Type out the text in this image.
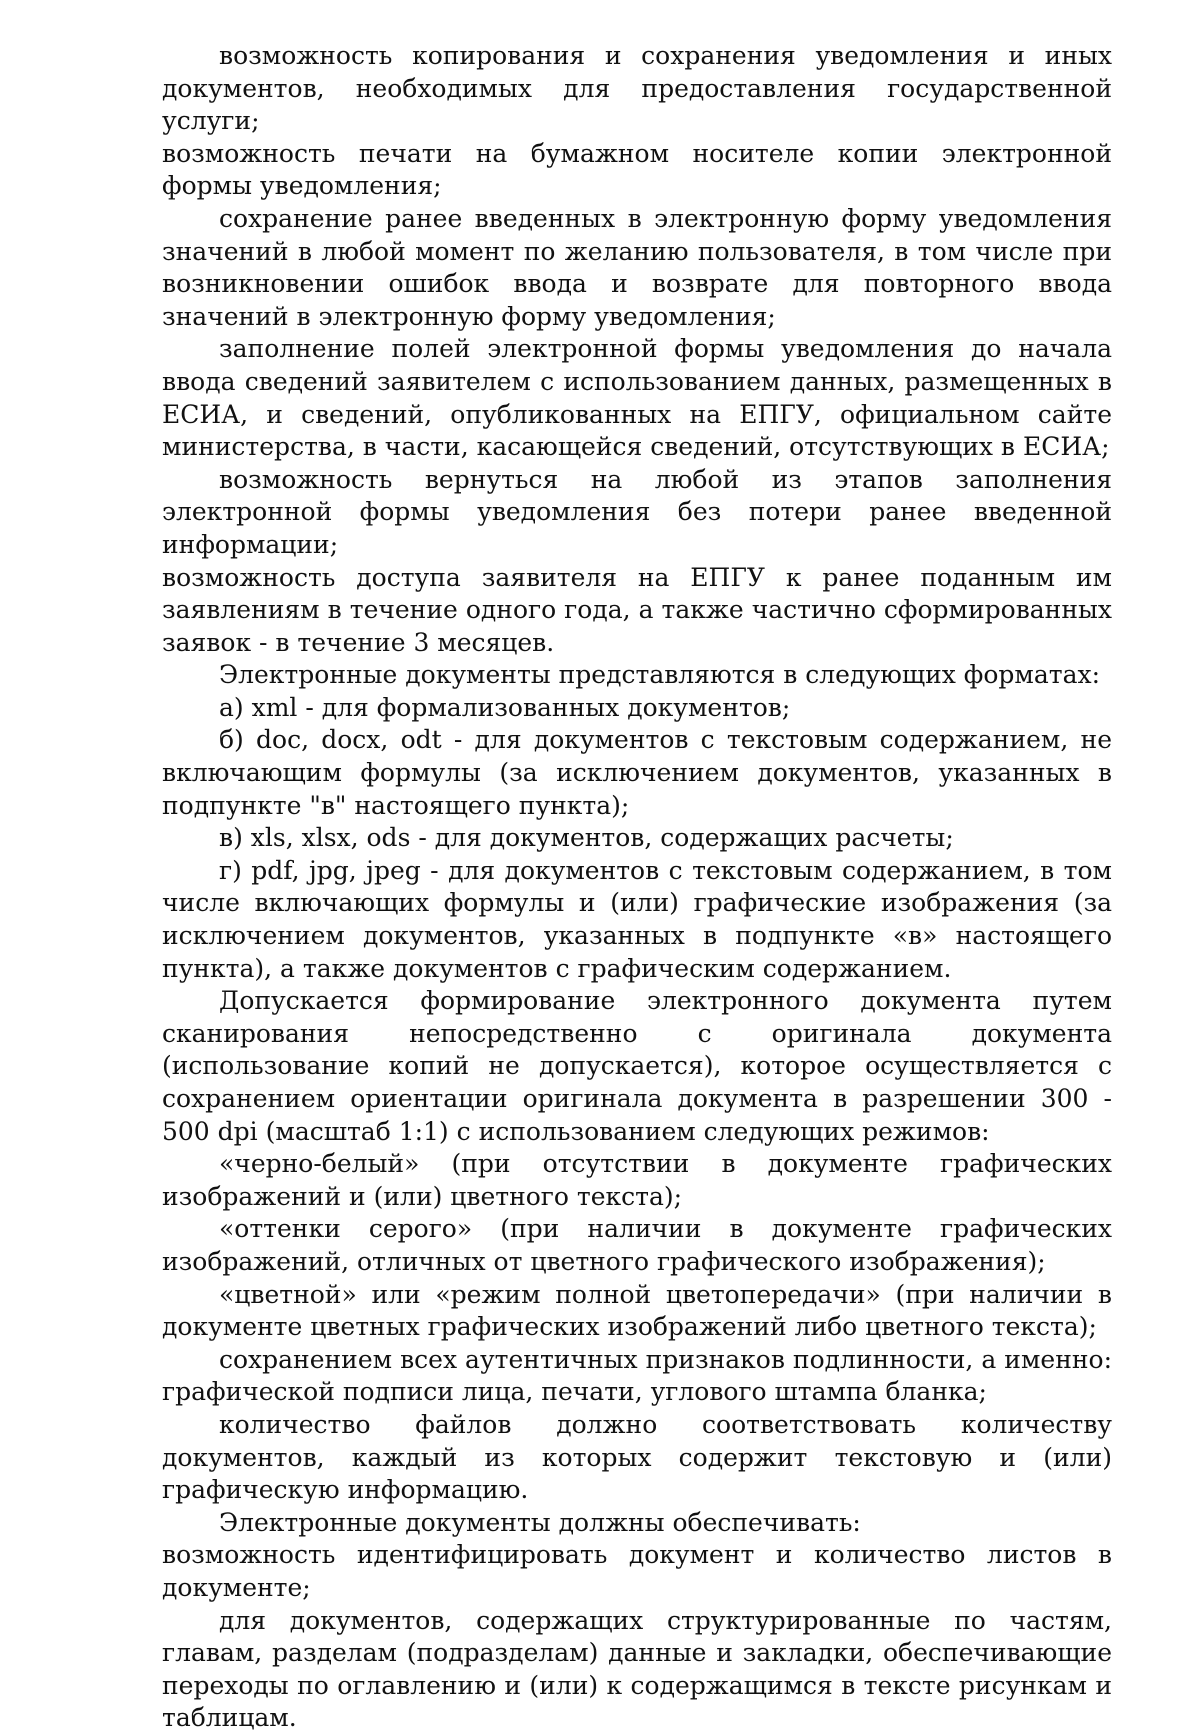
возможность копирования и сохранения уведомления и иных документов, необходимых для предоставления государственной услуги;

возможность печати на бумажном носителе копии электронной формы уведомления;

сохранение ранее введенных в электронную форму уведомления значений в любой момент по желанию пользователя, в том числе при возникновении ошибок ввода и возврате для повторного ввода значений в электронную форму уведомления;

заполнение полей электронной формы уведомления до начала ввода сведений заявителем с использованием данных, размещенных в ЕСИА, и сведений, опубликованных на ЕПГУ, официальном сайте министерства, в части, касающейся сведений, отсутствующих в ЕСИА;

возможность вернуться на любой из этапов заполнения электронной формы уведомления без потери ранее введенной информации;

возможность доступа заявителя на ЕПГУ к ранее поданным им заявлениям в течение одного года, а также частично сформированных заявок - в течение 3 месяцев.

Электронные документы представляются в следующих форматах:

а) xml - для формализованных документов;

б) doc, docx, odt - для документов с текстовым содержанием, не включающим формулы (за исключением документов, указанных в подпункте "в" настоящего пункта);

в) xls, xlsx, ods - для документов, содержащих расчеты;

г) pdf, jpg, jpeg - для документов с текстовым содержанием, в том числе включающих формулы и (или) графические изображения (за исключением документов, указанных в подпункте «в» настоящего пункта), а также документов с графическим содержанием.

Допускается формирование электронного документа путем сканирования непосредственно с оригинала документа (использование копий не допускается), которое осуществляется с сохранением ориентации оригинала документа в разрешении 300 - 500 dpi (масштаб 1:1) с использованием следующих режимов:

«черно-белый» (при отсутствии в документе графических изображений и (или) цветного текста);

«оттенки серого» (при наличии в документе графических изображений, отличных от цветного графического изображения);

«цветной» или «режим полной цветопередачи» (при наличии в документе цветных графических изображений либо цветного текста);

сохранением всех аутентичных признаков подлинности, а именно: графической подписи лица, печати, углового штампа бланка;

количество файлов должно соответствовать количеству документов, каждый из которых содержит текстовую и (или) графическую информацию.

Электронные документы должны обеспечивать:

возможность идентифицировать документ и количество листов в документе;

для документов, содержащих структурированные по частям, главам, разделам (подразделам) данные и закладки, обеспечивающие переходы по оглавлению и (или) к содержащимся в тексте рисункам и таблицам.
